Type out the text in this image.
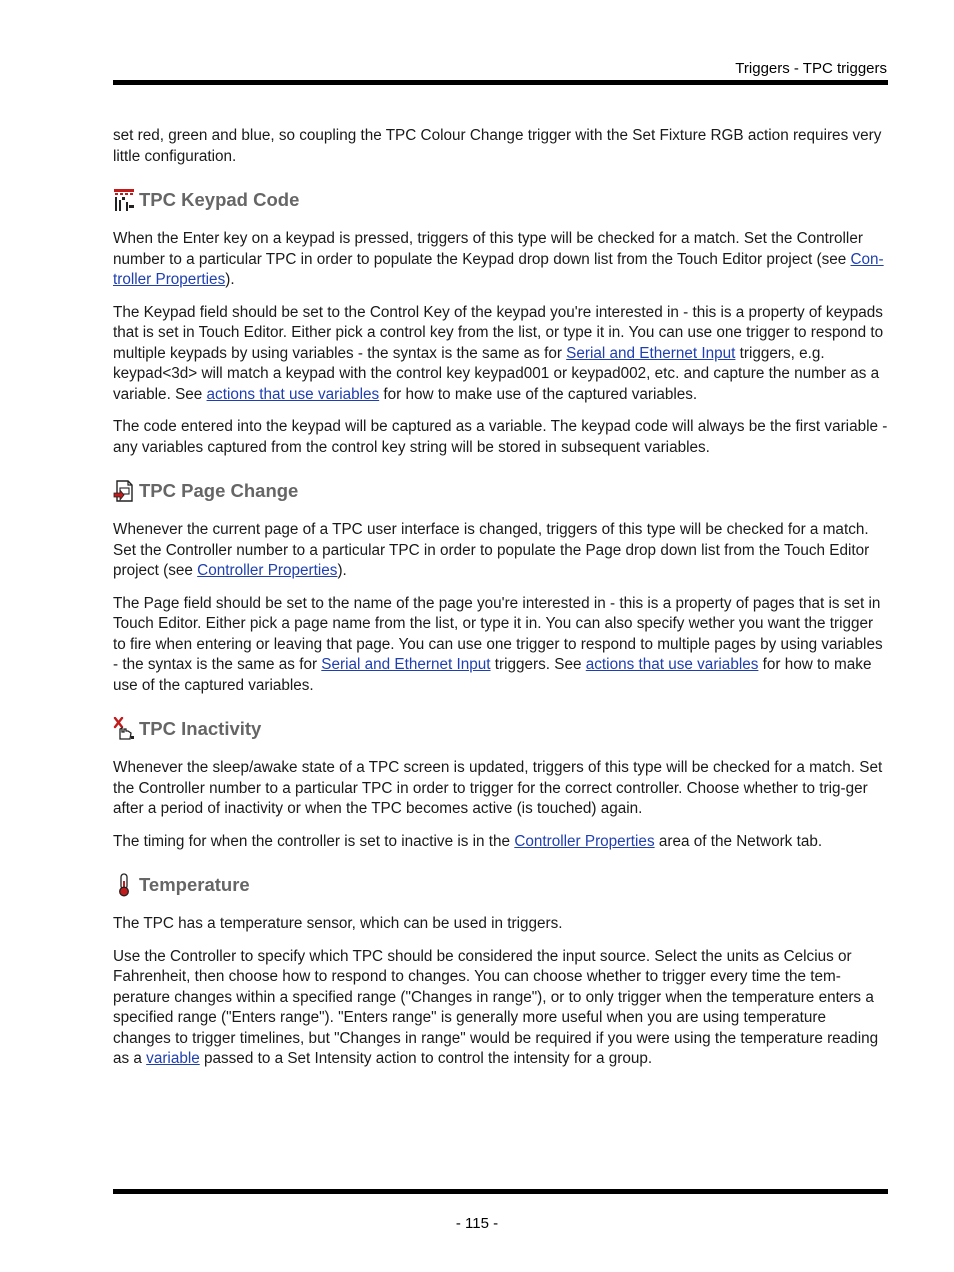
Triggers - TPC triggers

set red, green and blue, so coupling the TPC Colour Change trigger with the Set Fixture RGB action requires very little configuration.

TPC Keypad Code

When the Enter key on a keypad is pressed, triggers of this type will be checked for a match. Set the Controller number to a particular TPC in order to populate the Keypad drop down list from the Touch Editor project (see Con-troller Properties).

The Keypad field should be set to the Control Key of the keypad you're interested in - this is a property of keypads that is set in Touch Editor. Either pick a control key from the list, or type it in. You can use one trigger to respond to multiple keypads by using variables - the syntax is the same as for Serial and Ethernet Input triggers, e.g. keypad<3d> will match a keypad with the control key keypad001 or keypad002, etc. and capture the number as a variable. See actions that use variables for how to make use of the captured variables.

The code entered into the keypad will be captured as a variable. The keypad code will always be the first variable - any variables captured from the control key string will be stored in subsequent variables.

TPC Page Change

Whenever the current page of a TPC user interface is changed, triggers of this type will be checked for a match. Set the Controller number to a particular TPC in order to populate the Page drop down list from the Touch Editor project (see Controller Properties).

The Page field should be set to the name of the page you're interested in - this is a property of pages that is set in Touch Editor. Either pick a page name from the list, or type it in. You can also specify wether you want the trigger to fire when entering or leaving that page. You can use one trigger to respond to multiple pages by using variables - the syntax is the same as for Serial and Ethernet Input triggers. See actions that use variables for how to make use of the captured variables.

TPC Inactivity

Whenever the sleep/awake state of a TPC screen is updated, triggers of this type will be checked for a match. Set the Controller number to a particular TPC in order to trigger for the correct controller. Choose whether to trig-ger after a period of inactivity or when the TPC becomes active (is touched) again.

The timing for when the controller is set to inactive is in the Controller Properties area of the Network tab.

Temperature

The TPC has a temperature sensor, which can be used in triggers.

Use the Controller to specify which TPC should be considered the input source. Select the units as Celcius or Fahrenheit, then choose how to respond to changes. You can choose whether to trigger every time the tem-perature changes within a specified range ("Changes in range"), or to only trigger when the temperature enters a specified range ("Enters range"). "Enters range" is generally more useful when you are using temperature changes to trigger timelines, but "Changes in range" would be required if you were using the temperature reading as a variable passed to a Set Intensity action to control the intensity for a group.

- 115 -
